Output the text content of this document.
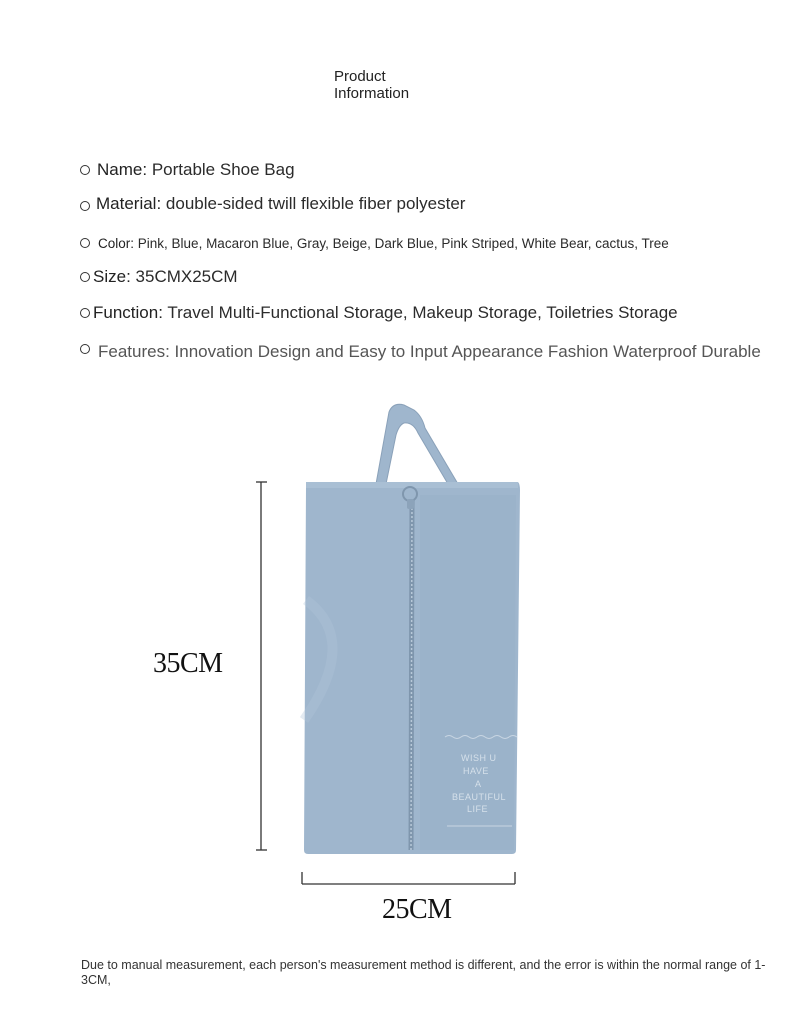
Product
Information
Name: Portable Shoe Bag
Material: double-sided twill flexible fiber polyester
Color: Pink, Blue, Macaron Blue, Gray, Beige, Dark Blue, Pink Striped, White Bear, cactus, Tree
Size: 35CMX25CM
Function: Travel Multi-Functional Storage, Makeup Storage, Toiletries Storage
Features: Innovation Design and Easy to Input Appearance Fashion Waterproof Durable
WISH U
HAVE
A
BEAUTIFUL
LIFE
35CM
25CM
Due to manual measurement, each person's measurement method is different, and the error is within the normal range of 1-3CM,
